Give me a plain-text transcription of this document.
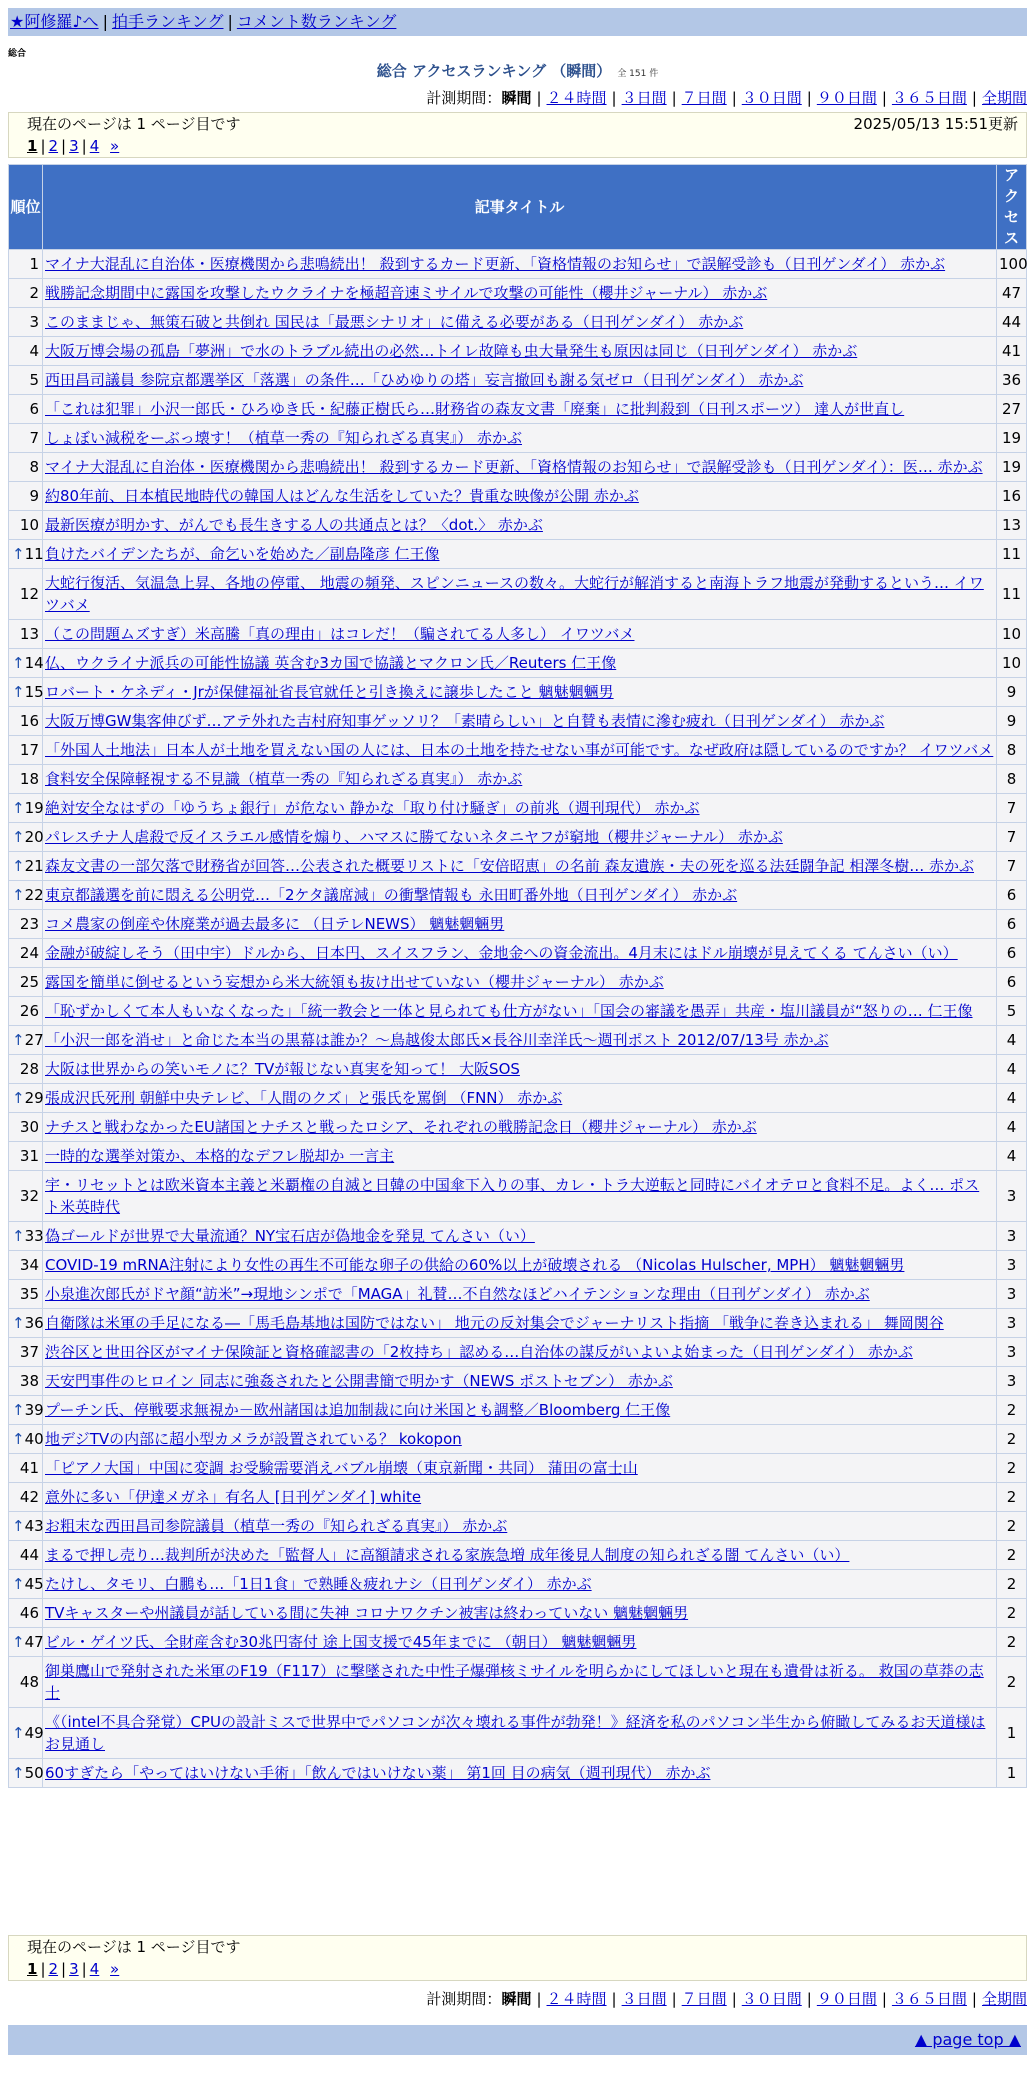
★阿修羅♪へ | 拍手ランキング | コメント数ランキング
総合
総合 アクセスランキング （瞬間） 全 151 件
計測期間：瞬間 | ２４時間 | ３日間 | ７日間 | ３０日間 | ９０日間 | ３６５日間 | 全期間
現在のページは 1 ページ目です	2025/05/13 15:51更新
1 | 2 | 3 | 4 »
順位	記事タイトル	アクセス
1	マイナ大混乱に自治体・医療機関から悲鳴続出！ 殺到するカード更新、「資格情報のお知らせ」で誤解受診も（日刊ゲンダイ） 赤かぶ	100
2	戦勝記念期間中に露国を攻撃したウクライナを極超音速ミサイルで攻撃の可能性（櫻井ジャーナル） 赤かぶ	47
3	このままじゃ、無策石破と共倒れ 国民は「最悪シナリオ」に備える必要がある（日刊ゲンダイ） 赤かぶ	44
4	大阪万博会場の孤島「夢洲」で水のトラブル続出の必然…トイレ故障も虫大量発生も原因は同じ（日刊ゲンダイ） 赤かぶ	41
5	西田昌司議員 参院京都選挙区「落選」の条件…「ひめゆりの塔」妄言撤回も謝る気ゼロ（日刊ゲンダイ） 赤かぶ	36
6	「これは犯罪」小沢一郎氏・ひろゆき氏・紀藤正樹氏ら…財務省の森友文書「廃棄」に批判殺到（日刊スポーツ） 達人が世直し	27
7	しょぼい減税をーぶっ壊す！（植草一秀の『知られざる真実』） 赤かぶ	19
8	マイナ大混乱に自治体・医療機関から悲鳴続出！ 殺到するカード更新、「資格情報のお知らせ」で誤解受診も（日刊ゲンダイ）：医… 赤かぶ	19
9	約80年前、日本植民地時代の韓国人はどんな生活をしていた？貴重な映像が公開 赤かぶ	16
10	最新医療が明かす、がんでも長生きする人の共通点とは？〈dot.〉 赤かぶ	13

↑ 11	負けたバイデンたちが、命乞いを始めた／副島隆彦 仁王像	11
12	大蛇行復活、気温急上昇、各地の停電、 地震の頻発、スピンニュースの数々。大蛇行が解消すると南海トラフ地震が発動するという… イワツバメ	11
13	（この問題ムズすぎ）米高騰「真の理由」はコレだ！（騙されてる人多し） イワツバメ	10

↑ 14	仏、ウクライナ派兵の可能性協議 英含む3カ国で協議とマクロン氏／Reuters 仁王像	10

↑ 15	ロバート・ケネディ・Jrが保健福祉省長官就任と引き換えに譲歩したこと 魑魅魍魎男	9
16	大阪万博GW集客伸びず…アテ外れた吉村府知事ゲッソリ？「素晴らしい」と自賛も表情に滲む疲れ（日刊ゲンダイ） 赤かぶ	9
17	「外国人土地法」日本人が土地を買えない国の人には、日本の土地を持たせない事が可能です。なぜ政府は隠しているのですか？ イワツバメ	8
18	食料安全保障軽視する不見識（植草一秀の『知られざる真実』） 赤かぶ	8

↑ 19	絶対安全なはずの「ゆうちょ銀行」が危ない 静かな「取り付け騒ぎ」の前兆（週刊現代） 赤かぶ	7

↑ 20	パレスチナ人虐殺で反イスラエル感情を煽り、ハマスに勝てないネタニヤフが窮地（櫻井ジャーナル） 赤かぶ	7

↑ 21	森友文書の一部欠落で財務省が回答…公表された概要リストに「安倍昭恵」の名前 森友遺族・夫の死を巡る法廷闘争記 相澤冬樹… 赤かぶ	7

↑ 22	東京都議選を前に悶える公明党…「2ケタ議席減」の衝撃情報も 永田町番外地（日刊ゲンダイ） 赤かぶ	6
23	コメ農家の倒産や休廃業が過去最多に （日テレNEWS） 魑魅魍魎男	6
24	金融が破綻しそう（田中宇）ドルから、日本円、スイスフラン、金地金への資金流出。4月末にはドル崩壊が見えてくる てんさい（い）	6
25	露国を簡単に倒せるという妄想から米大統領も抜け出せていない（櫻井ジャーナル） 赤かぶ	6
26	「恥ずかしくて本人もいなくなった」「統一教会と一体と見られても仕方がない」「国会の審議を愚弄」共産・塩川議員が“怒りの… 仁王像	5

↑ 27	「小沢一郎を消せ」と命じた本当の黒幕は誰か？～鳥越俊太郎氏×長谷川幸洋氏～週刊ポスト 2012/07/13号 赤かぶ	4
28	大阪は世界からの笑いモノに？TVが報じない真実を知って！ 大阪SOS	4

↑ 29	張成沢氏死刑 朝鮮中央テレビ、「人間のクズ」と張氏を罵倒 （FNN） 赤かぶ	4
30	ナチスと戦わなかったEU諸国とナチスと戦ったロシア、それぞれの戦勝記念日（櫻井ジャーナル） 赤かぶ	4
31	一時的な選挙対策か、本格的なデフレ脱却か 一言主	4
32	宇・リセットとは欧米資本主義と米覇権の自滅と日韓の中国傘下入りの事、カレ・トラ大逆転と同時にバイオテロと食料不足。よく… ポスト米英時代	3

↑ 33	偽ゴールドが世界で大量流通？NY宝石店が偽地金を発見 てんさい（い）	3
34	COVID-19 mRNA注射により女性の再生不可能な卵子の供給の60%以上が破壊される （Nicolas Hulscher, MPH） 魑魅魍魎男	3
35	小泉進次郎氏がドヤ顔“訪米”→現地シンポで「MAGA」礼賛…不自然なほどハイテンションな理由（日刊ゲンダイ） 赤かぶ	3

↑ 36	自衛隊は米軍の手足になる―「馬毛島基地は国防ではない」 地元の反対集会でジャーナリスト指摘 「戦争に巻き込まれる」 舞岡関谷	3
37	渋谷区と世田谷区がマイナ保険証と資格確認書の「2枚持ち」認める…自治体の謀反がいよいよ始まった（日刊ゲンダイ） 赤かぶ	3
38	天安門事件のヒロイン 同志に強姦されたと公開書簡で明かす（NEWS ポストセブン） 赤かぶ	3

↑ 39	プーチン氏、停戦要求無視か－欧州諸国は追加制裁に向け米国とも調整／Bloomberg 仁王像	2

↑ 40	地デジTVの内部に超小型カメラが設置されている？ kokopon	2
41	「ピアノ大国」中国に変調 お受験需要消えバブル崩壊（東京新聞・共同） 蒲田の富士山	2
42	意外に多い「伊達メガネ」有名人 [日刊ゲンダイ] white	2

↑ 43	お粗末な西田昌司参院議員（植草一秀の『知られざる真実』） 赤かぶ	2
44	まるで押し売り…裁判所が決めた「監督人」に高額請求される家族急増 成年後見人制度の知られざる闇 てんさい（い）	2

↑ 45	たけし、タモリ、白鵬も…「1日1食」で熟睡＆疲れナシ（日刊ゲンダイ） 赤かぶ	2
46	TVキャスターや州議員が話している間に失神 コロナワクチン被害は終わっていない 魑魅魍魎男	2

↑ 47	ビル・ゲイツ氏、全財産含む30兆円寄付 途上国支援で45年までに （朝日） 魑魅魍魎男	2
48	御巣鷹山で発射された米軍のF19（F117）に撃墜された中性子爆弾核ミサイルを明らかにしてほしいと現在も遺骨は祈る。 救国の草莽の志士	2

↑ 49	《（intel不具合発覚）CPUの設計ミスで世界中でパソコンが次々壊れる事件が勃発！》経済を私のパソコン半生から俯瞰してみるお天道様はお見通し	1

↑ 50	60すぎたら「やってはいけない手術」「飲んではいけない薬」 第1回 目の病気（週刊現代） 赤かぶ	1
現在のページは 1 ページ目です
1 | 2 | 3 | 4 »
計測期間：瞬間 | ２４時間 | ３日間 | ７日間 | ３０日間 | ９０日間 | ３６５日間 | 全期間
▲ page top ▲
